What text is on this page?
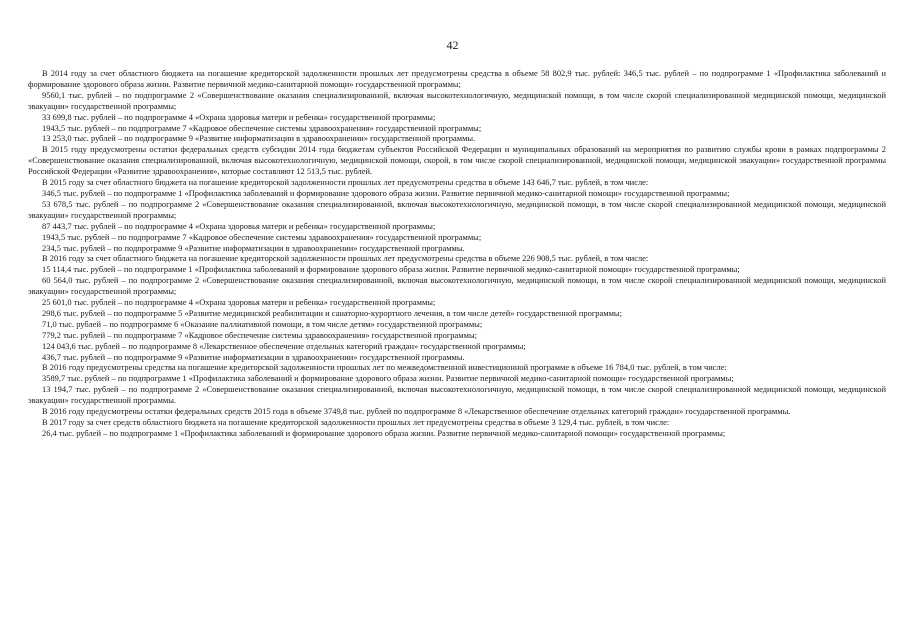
42

В 2014 году за счет областного бюджета на погашение кредиторской задолженности прошлых лет предусмотрены средства в объеме 58 802,9 тыс. рублей: 346,5 тыс. рублей – по подпрограмме 1 «Профилактика заболеваний и формирование здорового образа жизни. Развитие первичной медико-санитарной помощи» государственной программы;

9560,1 тыс. рублей – по подпрограмме 2 «Совершенствование оказания специализированной, включая высокотехнологичную, медицинской помощи, в том числе скорой специализированной медицинской помощи, медицинской эвакуации» государственной программы;

33 699,8 тыс. рублей – по подпрограмме 4 «Охрана здоровья матери и ребенка» государственной программы;

1943,5 тыс. рублей – по подпрограмме 7 «Кадровое обеспечение системы здравоохранения» государственной программы;

13 253,0 тыс. рублей – по подпрограмме 9 «Развитие информатизации в здравоохранении» государственной программы.

В 2015 году предусмотрены остатки федеральных средств субсидии 2014 года бюджетам субъектов Российской Федерации и муниципальных образований на мероприятия по развитию службы крови в рамках подпрограммы 2 «Совершенствование оказания специализированной, включая высокотехнологичную, медицинской помощи, скорой, в том числе скорой специализированной, медицинской помощи, медицинской эвакуации» государственной программы Российской Федерации «Развитие здравоохранения», которые составляют 12 513,5 тыс. рублей.

В 2015 году за счет областного бюджета на погашение кредиторской задолженности прошлых лет предусмотрены средства в объеме 143 646,7 тыс. рублей, в том числе:

346,5 тыс. рублей – по подпрограмме 1 «Профилактика заболеваний и формирование здорового образа жизни. Развитие первичной медико-санитарной помощи» государственной программы;

53 678,5 тыс. рублей – по подпрограмме 2 «Совершенствование оказания специализированной, включая высокотехнологичную, медицинской помощи, в том числе скорой специализированной медицинской помощи, медицинской эвакуации» государственной программы;

87 443,7 тыс. рублей – по подпрограмме 4 «Охрана здоровья матери и ребенка» государственной программы;

1943,5 тыс. рублей – по подпрограмме 7 «Кадровое обеспечение системы здравоохранения» государственной программы;

234,5 тыс. рублей – по подпрограмме 9 «Развитие информатизации в здравоохранении» государственной программы.

В 2016 году за счет областного бюджета на погашение кредиторской задолженности прошлых лет предусмотрены средства в объеме 226 908,5 тыс. рублей, в том числе:

15 114,4 тыс. рублей – по подпрограмме 1 «Профилактика заболеваний и формирование здорового образа жизни. Развитие первичной медико-санитарной помощи» государственной программы;

60 564,0 тыс. рублей – по подпрограмме 2 «Совершенствование оказания специализированной, включая высокотехнологичную, медицинской помощи, в том числе скорой специализированной медицинской помощи, медицинской эвакуации» государственной программы;

25 601,0 тыс. рублей – по подпрограмме 4 «Охрана здоровья матери и ребенка» государственной программы;

298,6 тыс. рублей – по подпрограмме 5 «Развитие медицинской реабилитации и санаторно-курортного лечения, в том числе детей» государственной программы;

71,0 тыс. рублей – по подпрограмме 6 «Оказание паллиативной помощи, в том числе детям» государственной программы;

779,2 тыс. рублей – по подпрограмме 7 «Кадровое обеспечение системы здравоохранения» государственной программы;

124 043,6 тыс. рублей – по подпрограмме 8 «Лекарственное обеспечение отдельных категорий граждан» государственной программы;

436,7 тыс. рублей – по подпрограмме 9 «Развитие информатизации в здравоохранении» государственной программы.

В 2016 году предусмотрены средства на погашение кредиторской задолженности прошлых лет по межведомственной инвестиционной программе в объеме 16 784,0 тыс. рублей, в том числе:

3589,7 тыс. рублей – по подпрограмме 1 «Профилактика заболеваний и формирование здорового образа жизни. Развитие первичной медико-санитарной помощи» государственной программы;

13 194,7 тыс. рублей – по подпрограмме 2 «Совершенствование оказания специализированной, включая высокотехнологичную, медицинской помощи, в том числе скорой специализированной медицинской помощи, медицинской эвакуации» государственной программы.

В 2016 году предусмотрены остатки федеральных средств 2015 года в объеме 3749,8 тыс. рублей по подпрограмме 8 «Лекарственное обеспечение отдельных категорий граждан» государственной программы.

В 2017 году за счет средств областного бюджета на погашение кредиторской задолженности прошлых лет предусмотрены средства в объеме 3 129,4 тыс. рублей, в том числе:

26,4 тыс. рублей – по подпрограмме 1 «Профилактика заболеваний и формирование здорового образа жизни. Развитие первичной медико-санитарной помощи» государственной программы;
